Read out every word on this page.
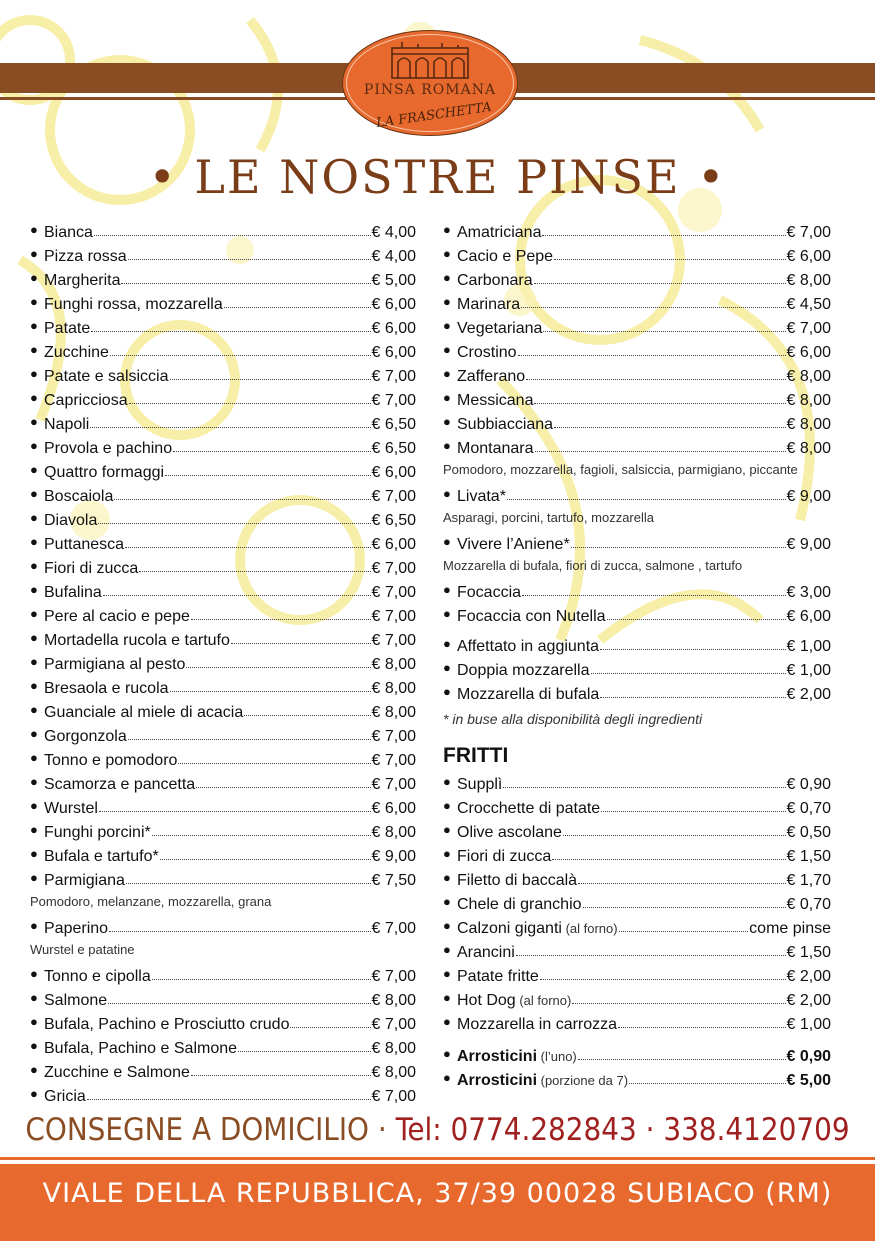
PINSA ROMANA
LA FRASCHETTA
• LE NOSTRE PINSE •
● Bianca	€ 4,00
● Pizza rossa	€ 4,00
● Margherita	€ 5,00
● Funghi rossa, mozzarella	€ 6,00
● Patate	€ 6,00
● Zucchine	€ 6,00
● Patate e salsiccia	€ 7,00
● Capricciosa	€ 7,00
● Napoli	€ 6,50
● Provola e pachino	€ 6,50
● Quattro formaggi	€ 6,00
● Boscaiola	€ 7,00
● Diavola	€ 6,50
● Puttanesca	€ 6,00
● Fiori di zucca	€ 7,00
● Bufalina	€ 7,00
● Pere al cacio e pepe	€ 7,00
● Mortadella rucola e tartufo	€ 7,00
● Parmigiana al pesto	€ 8,00
● Bresaola e rucola	€ 8,00
● Guanciale al miele di acacia	€ 8,00
● Gorgonzola	€ 7,00
● Tonno e pomodoro	€ 7,00
● Scamorza e pancetta	€ 7,00
● Wurstel	€ 6,00
● Funghi porcini*	€ 8,00
● Bufala e tartufo*	€ 9,00
● Parmigiana	€ 7,50
Pomodoro, melanzane, mozzarella, grana
● Paperino	€ 7,00
Wurstel e patatine
● Tonno e cipolla	€ 7,00
● Salmone	€ 8,00
● Bufala, Pachino e Prosciutto crudo	€ 7,00
● Bufala, Pachino e Salmone	€ 8,00
● Zucchine e Salmone	€ 8,00
● Gricia	€ 7,00
● Amatriciana	€ 7,00
● Cacio e Pepe	€ 6,00
● Carbonara	€ 8,00
● Marinara	€ 4,50
● Vegetariana	€ 7,00
● Crostino	€ 6,00
● Zafferano	€ 8,00
● Messicana	€ 8,00
● Subbiacciana	€ 8,00
● Montanara	€ 8,00
Pomodoro, mozzarella, fagioli, salsiccia, parmigiano, piccante
● Livata*	€ 9,00
Asparagi, porcini, tartufo, mozzarella
● Vivere l’Aniene*	€ 9,00
Mozzarella di bufala, fiori di zucca, salmone , tartufo
● Focaccia	€ 3,00
● Focaccia con Nutella	€ 6,00
● Affettato in aggiunta	€ 1,00
● Doppia mozzarella	€ 1,00
● Mozzarella di bufala	€ 2,00
* in buse alla disponibilità degli ingredienti
FRITTI
● Supplì	€ 0,90
● Crocchette di patate	€ 0,70
● Olive ascolane	€ 0,50
● Fiori di zucca	€ 1,50
● Filetto di baccalà	€ 1,70
● Chele di granchio	€ 0,70
● Calzoni giganti (al forno)	come pinse
● Arancini	€ 1,50
● Patate fritte	€ 2,00
● Hot Dog (al forno)	€ 2,00
● Mozzarella in carrozza	€ 1,00
● Arrosticini (l’uno)	€ 0,90
● Arrosticini (porzione da 7)	€ 5,00
CONSEGNE A DOMICILIO · Tel: 0774.282843 · 338.4120709
VIALE DELLA REPUBBLICA, 37/39 00028 SUBIACO (RM)
